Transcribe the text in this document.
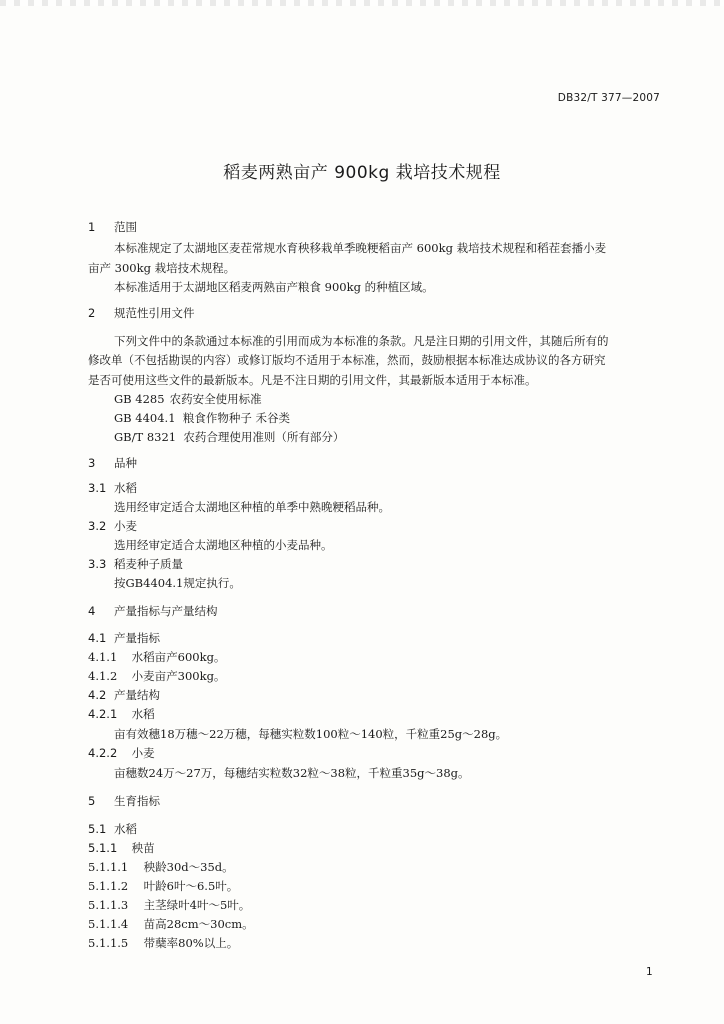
DB32/T 377—2007
稻麦两熟亩产 900kg 栽培技术规程
1 范围
本标准规定了太湖地区麦茬常规水育秧移栽单季晚粳稻亩产 600kg 栽培技术规程和稻茬套播小麦
亩产 300kg 栽培技术规程。
本标准适用于太湖地区稻麦两熟亩产粮食 900kg 的种植区域。
2 规范性引用文件
下列文件中的条款通过本标准的引用而成为本标准的条款。凡是注日期的引用文件，其随后所有的
修改单（不包括勘误的内容）或修订版均不适用于本标准，然而，鼓励根据本标准达成协议的各方研究
是否可使用这些文件的最新版本。凡是不注日期的引用文件，其最新版本适用于本标准。
GB 4285 农药安全使用标准
GB 4404.1 粮食作物种子 禾谷类
GB/T 8321 农药合理使用准则（所有部分）
3 品种
3.1 水稻
选用经审定适合太湖地区种植的单季中熟晚粳稻品种。
3.2 小麦
选用经审定适合太湖地区种植的小麦品种。
3.3 稻麦种子质量
按GB4404.1规定执行。
4 产量指标与产量结构
4.1 产量指标
4.1.1 水稻亩产600kg。
4.1.2 小麦亩产300kg。
4.2 产量结构
4.2.1 水稻
亩有效穗18万穗～22万穗，每穗实粒数100粒～140粒，千粒重25g～28g。
4.2.2 小麦
亩穗数24万～27万，每穗结实粒数32粒～38粒，千粒重35g～38g。
5 生育指标
5.1 水稻
5.1.1 秧苗
5.1.1.1 秧龄30d～35d。
5.1.1.2 叶龄6叶～6.5叶。
5.1.1.3 主茎绿叶4叶～5叶。
5.1.1.4 苗高28cm～30cm。
5.1.1.5 带蘖率80%以上。
1
